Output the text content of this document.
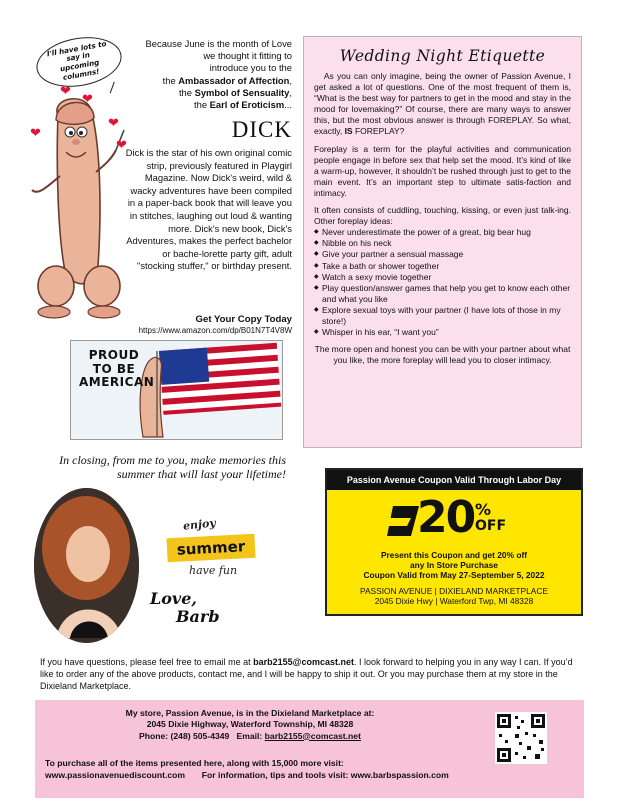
I'll have lots to say in upcoming columns!
❤
❤
❤
❤
❤
Because June is the month of Love
we thought it fitting to
introduce you to the
the Ambassador of Affection,
the Symbol of Sensuality,
the Earl of Eroticism...
DICK
Dick is the star of his own original comic strip, previously featured in Playgirl Magazine. Now Dick's weird, wild & wacky adventures have been compiled in a paper-back book that will leave you in stitches, laughing out loud & wanting more. Dick's new book, Dick's Adventures, makes the perfect bachelor or bache-lorette party gift, adult "stocking stuffer," or birthday present.
Get Your Copy Today
https://www.amazon.com/dp/B01N7T4V8W
PROUD
TO BE
AMERICAN
Wedding Night Etiquette

As you can only imagine, being the owner of Passion Avenue, I get asked a lot of questions. One of the most frequent of them is, “What is the best way for partners to get in the mood and stay in the mood for lovemaking?” Of course, there are many ways to answer this, but the most obvious answer is through FOREPLAY. So what, exactly, IS FOREPLAY?

Foreplay is a term for the playful activities and communication people engage in before sex that help set the mood. It’s kind of like a warm-up, however, it shouldn’t be rushed through just to get to the main event. It’s an important step to ultimate satis-faction and intimacy.

It often consists of cuddling, touching, kissing, or even just talk-ing. Other foreplay ideas:

◆ Never underestimate the power of a great, big bear hug
◆ Nibble on his neck
◆ Give your partner a sensual massage
◆ Take a bath or shower together
◆ Watch a sexy movie together
◆ Play question/answer games that help you get to know each other and what you like
◆ Explore sexual toys with your partner (I have lots of those in my store!)
◆ Whisper in his ear, “I want you”

The more open and honest you can be with your partner about what you like, the more foreplay will lead you to closer intimacy.

In closing, from me to you, make memories this summer that will last your lifetime!
enjoy
summer
have fun
Love,
Barb
Passion Avenue Coupon Valid Through Labor Day
20 %
OFF
Present this Coupon and get 20% off
any In Store Purchase
Coupon Valid from May 27-September 5, 2022
PASSION AVENUE | DIXIELAND MARKETPLACE
2045 Dixie Hwy | Waterford Twp, MI 48328
If you have questions, please feel free to email me at barb2155@comcast.net. I look forward to helping you in any way I can. If you’d like to order any of the above products, contact me, and I will be happy to ship it out. Or you may purchase them at my store in the Dixieland Marketplace.
My store, Passion Avenue, is in the Dixieland Marketplace at:
2045 Dixie Highway, Waterford Township, MI 48328
Phone: (248) 505-4349 Email: barb2155@comcast.net
To purchase all of the items presented here, along with 15,000 more visit:
www.passionavenuediscount.com For information, tips and tools visit: www.barbspassion.com
